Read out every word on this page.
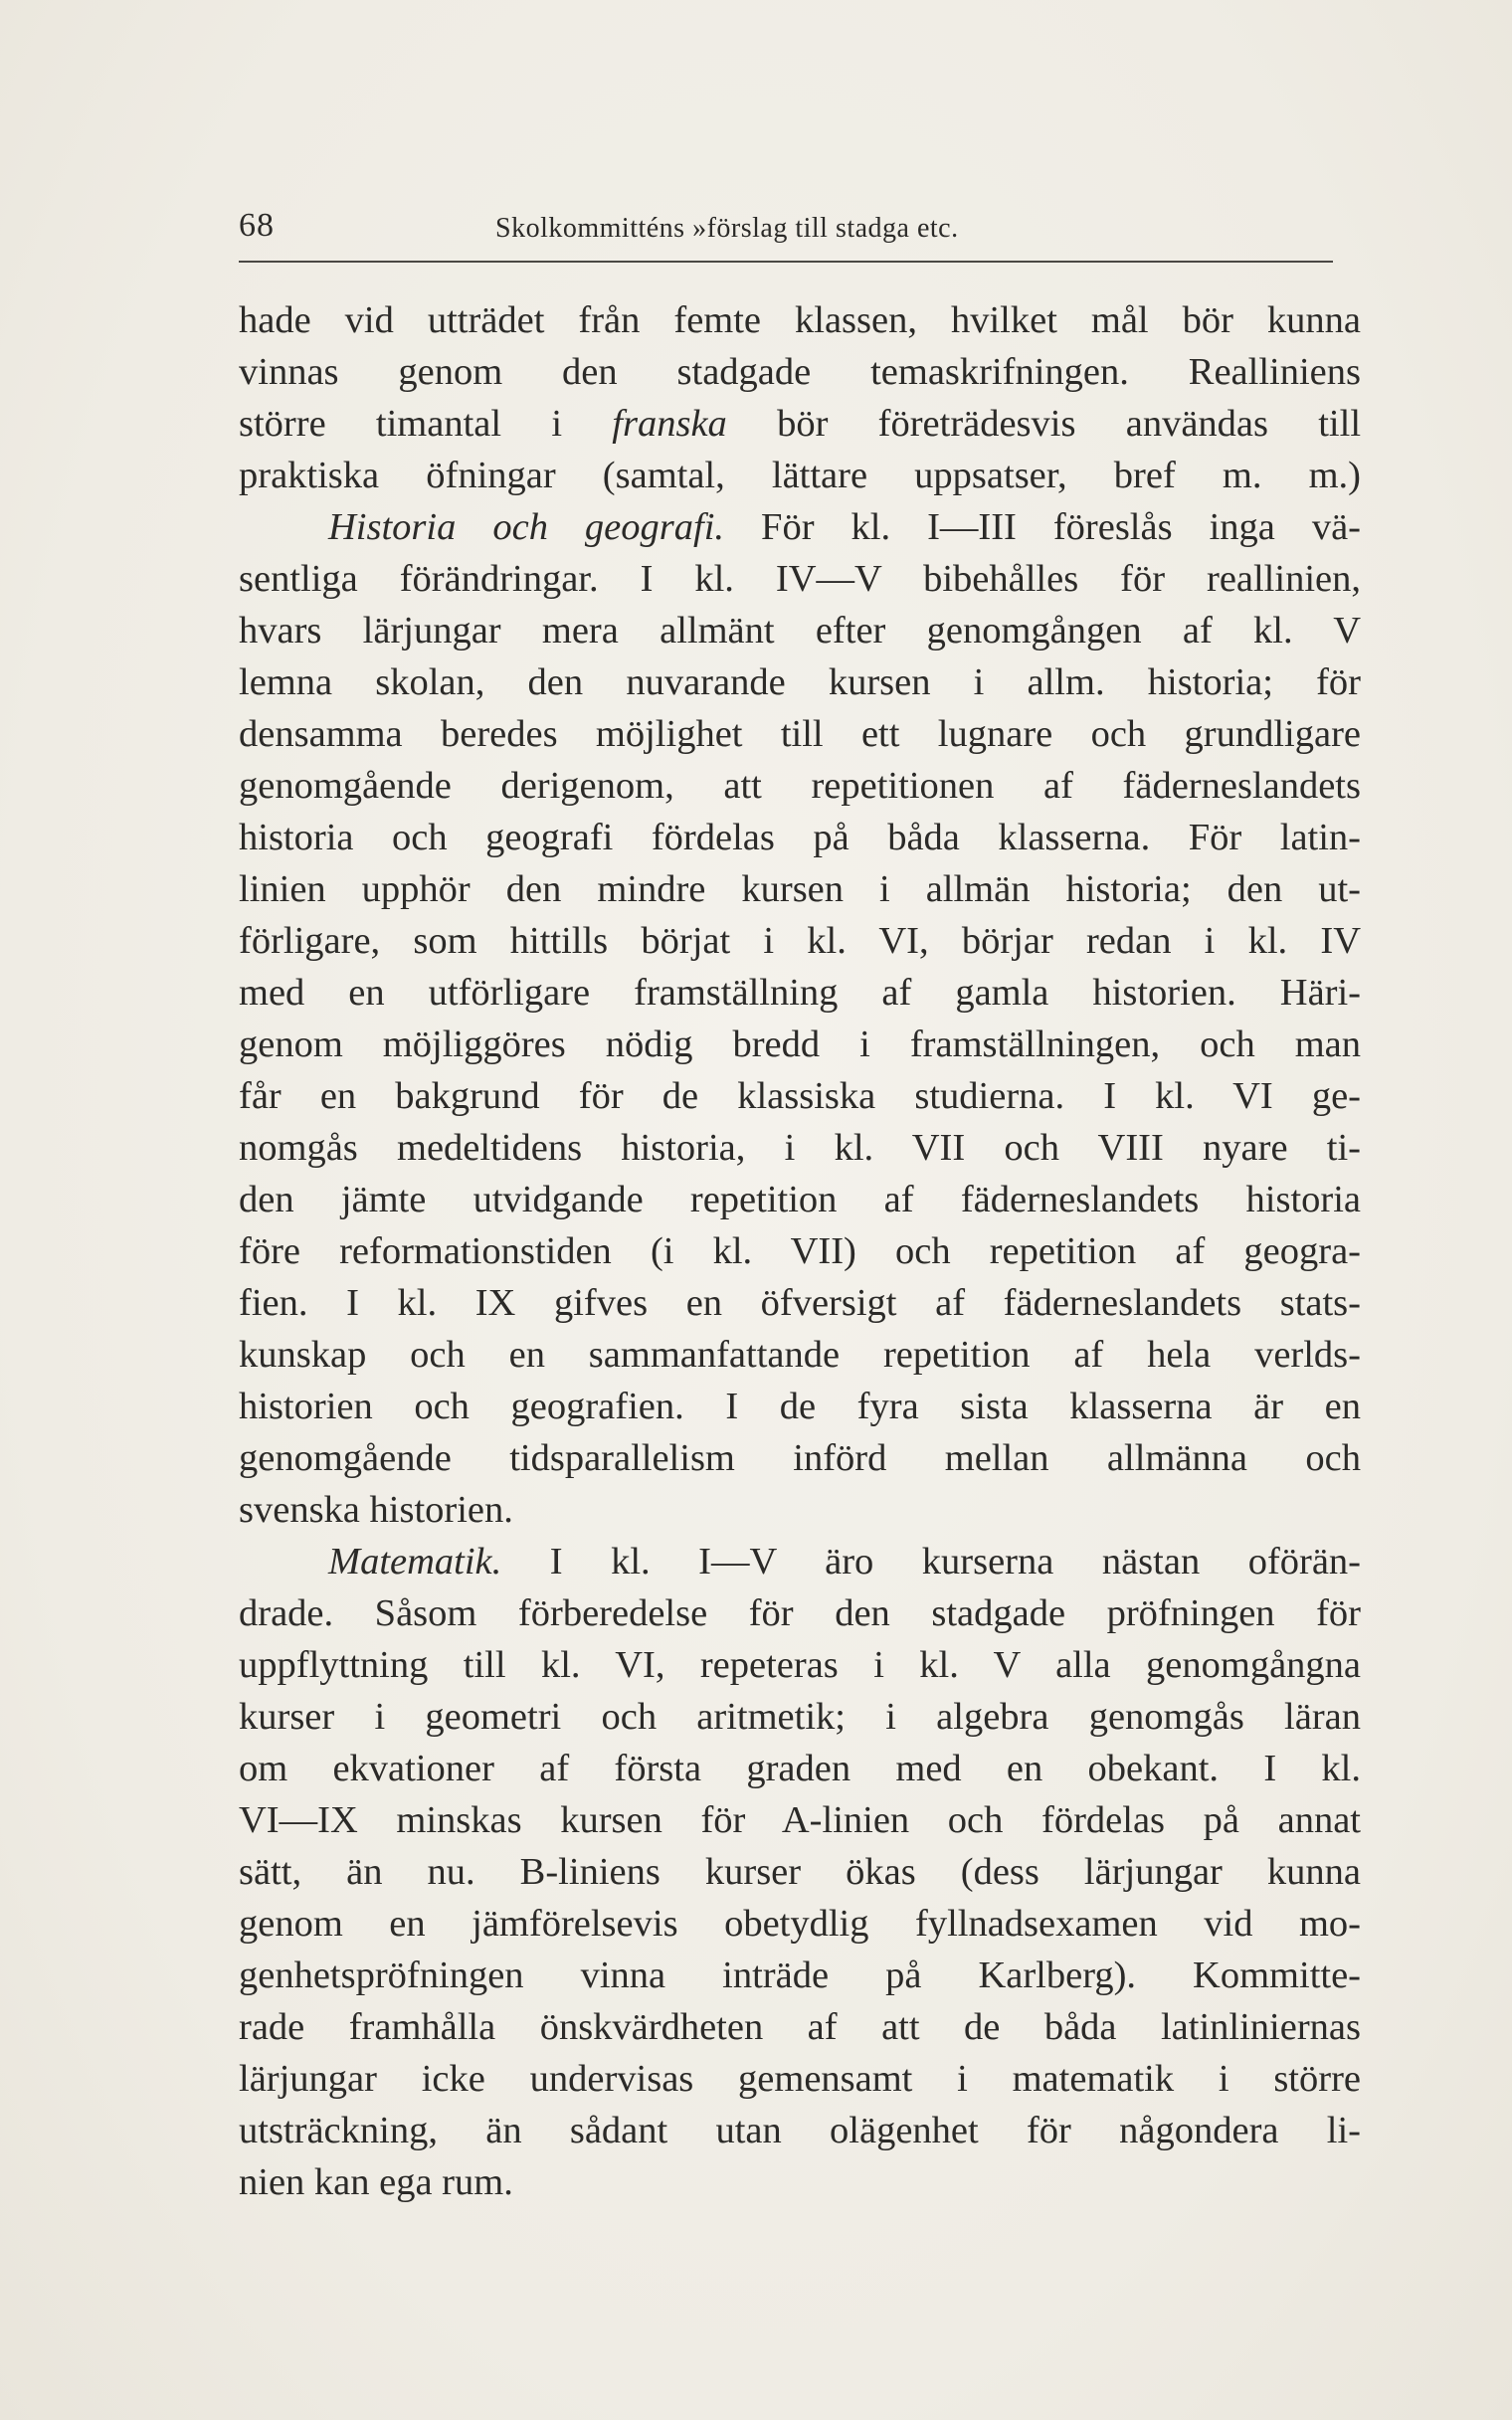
68	Skolkommitténs »förslag till stadga etc.
hade vid utträdet från femte klassen, hvilket mål bör kunna
vinnas genom den stadgade temaskrifningen. Realliniens
större timantal i franska bör företrädesvis användas till
praktiska öfningar (samtal, lättare uppsatser, bref m. m.)
Historia och geografi. För kl. I—III föreslås inga vä-
sentliga förändringar. I kl. IV—V bibehålles för reallinien,
hvars lärjungar mera allmänt efter genomgången af kl. V
lemna skolan, den nuvarande kursen i allm. historia; för
densamma beredes möjlighet till ett lugnare och grundligare
genomgående derigenom, att repetitionen af fäderneslandets
historia och geografi fördelas på båda klasserna. För latin-
linien upphör den mindre kursen i allmän historia; den ut-
förligare, som hittills börjat i kl. VI, börjar redan i kl. IV
med en utförligare framställning af gamla historien. Häri-
genom möjliggöres nödig bredd i framställningen, och man
får en bakgrund för de klassiska studierna. I kl. VI ge-
nomgås medeltidens historia, i kl. VII och VIII nyare ti-
den jämte utvidgande repetition af fäderneslandets historia
före reformationstiden (i kl. VII) och repetition af geogra-
fien. I kl. IX gifves en öfversigt af fäderneslandets stats-
kunskap och en sammanfattande repetition af hela verlds-
historien och geografien. I de fyra sista klasserna är en
genomgående tidsparallelism införd mellan allmänna och
svenska historien.
Matematik. I kl. I—V äro kurserna nästan oförän-
drade. Såsom förberedelse för den stadgade pröfningen för
uppflyttning till kl. VI, repeteras i kl. V alla genomgångna
kurser i geometri och aritmetik; i algebra genomgås läran
om ekvationer af första graden med en obekant. I kl.
VI—IX minskas kursen för A-linien och fördelas på annat
sätt, än nu. B-liniens kurser ökas (dess lärjungar kunna
genom en jämförelsevis obetydlig fyllnadsexamen vid mo-
genhetspröfningen vinna inträde på Karlberg). Kommitte-
rade framhålla önskvärdheten af att de båda latinliniernas
lärjungar icke undervisas gemensamt i matematik i större
utsträckning, än sådant utan olägenhet för någondera li-
nien kan ega rum.
